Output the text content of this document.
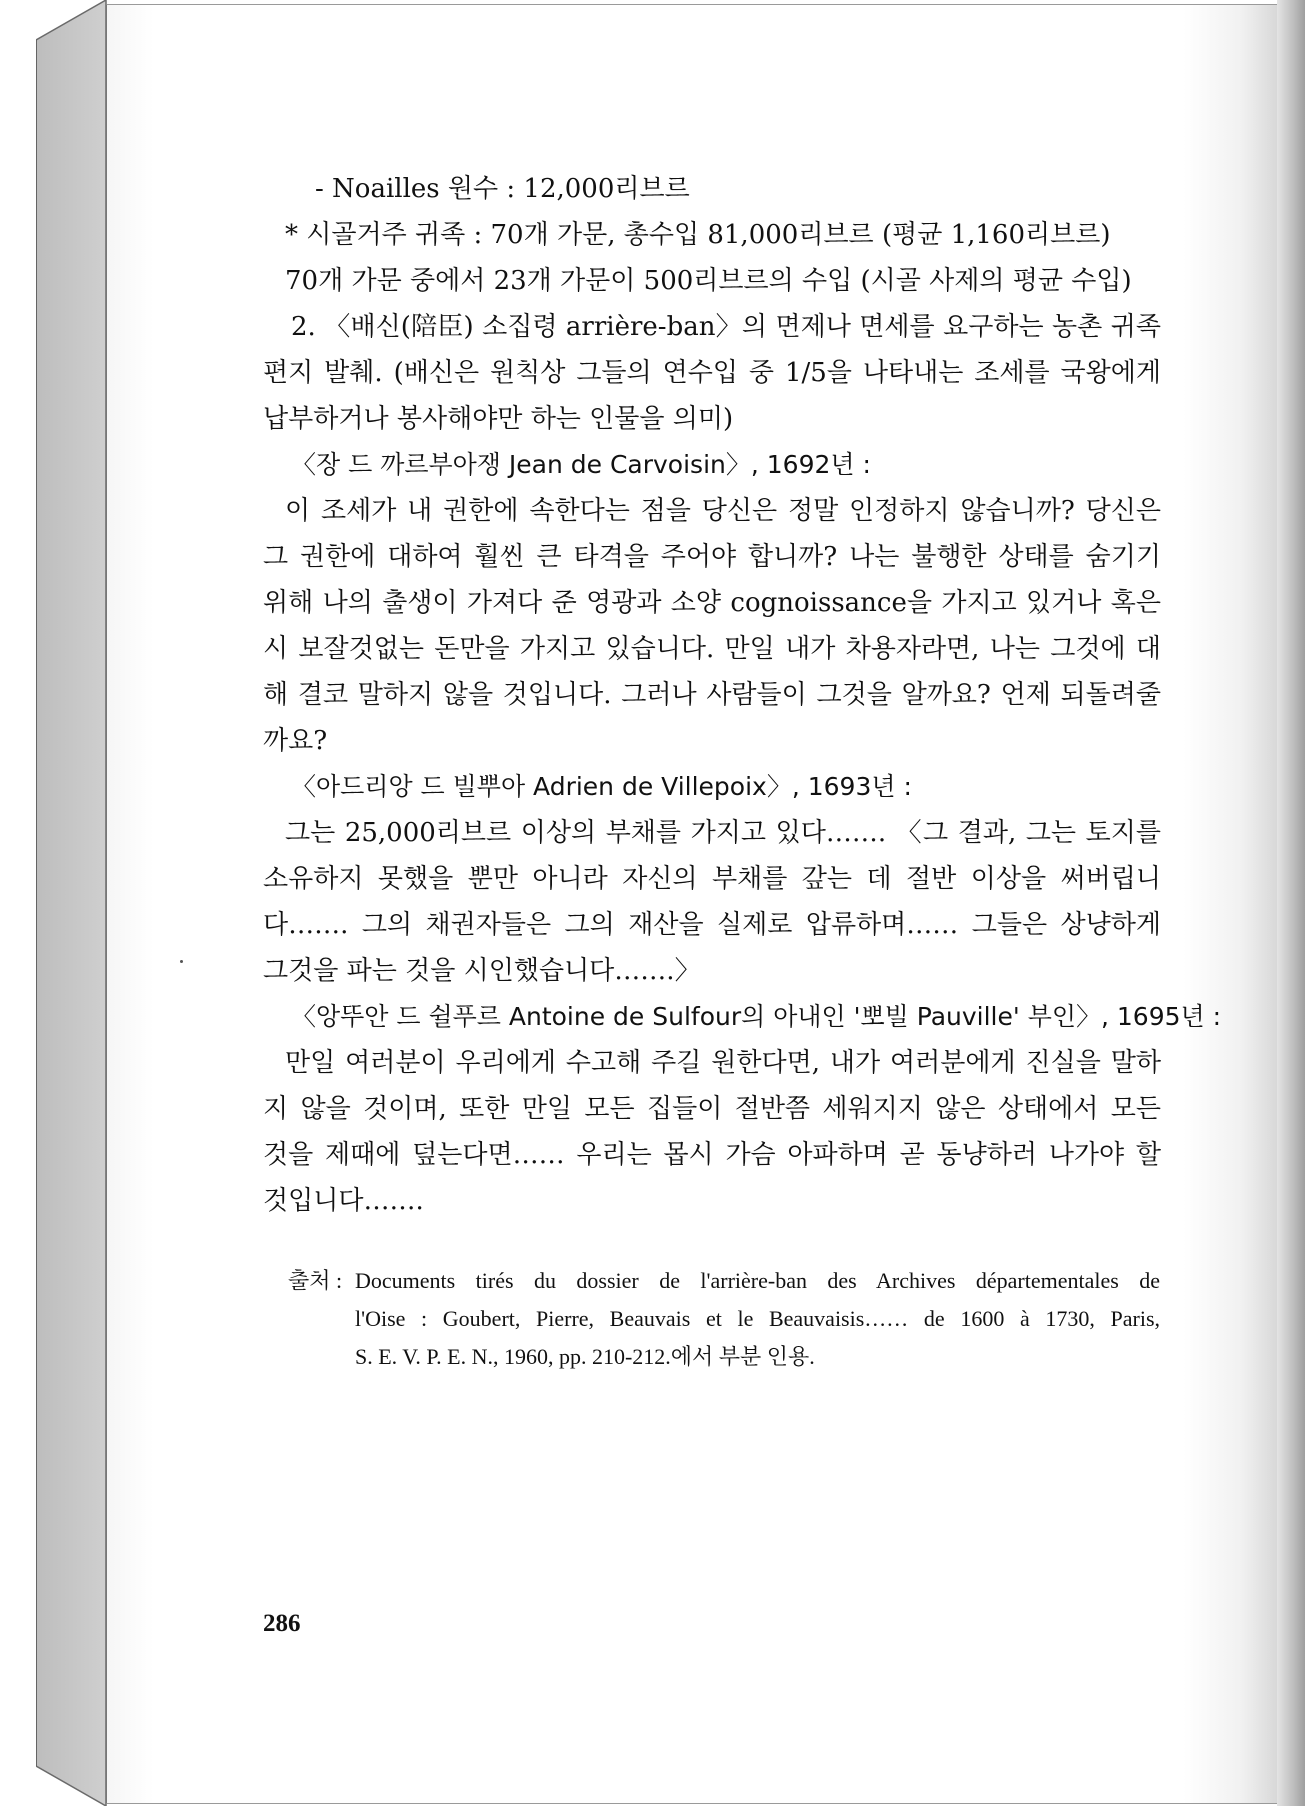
- Noailles 원수 : 12,000리브르
* 시골거주 귀족 : 70개 가문, 총수입 81,000리브르 (평균 1,160리브르)
70개 가문 중에서 23개 가문이 500리브르의 수입 (시골 사제의 평균 수입)
2. 〈배신(陪臣) 소집령 arrière-ban〉의 면제나 면세를 요구하는 농촌 귀족
편지 발췌. (배신은 원칙상 그들의 연수입 중 1/5을 나타내는 조세를 국왕에게
납부하거나 봉사해야만 하는 인물을 의미)
〈장 드 까르부아쟁 Jean de Carvoisin〉, 1692년 :
이 조세가 내 권한에 속한다는 점을 당신은 정말 인정하지 않습니까? 당신은
그 권한에 대하여 훨씬 큰 타격을 주어야 합니까? 나는 불행한 상태를 숨기기
위해 나의 출생이 가져다 준 영광과 소양 cognoissance을 가지고 있거나 혹은
시 보잘것없는 돈만을 가지고 있습니다. 만일 내가 차용자라면, 나는 그것에 대
해 결코 말하지 않을 것입니다. 그러나 사람들이 그것을 알까요? 언제 되돌려줄
까요?
〈아드리앙 드 빌뿌아 Adrien de Villepoix〉, 1693년 :
그는 25,000리브르 이상의 부채를 가지고 있다……. 〈그 결과, 그는 토지를
소유하지 못했을 뿐만 아니라 자신의 부채를 갚는 데 절반 이상을 써버립니
다……. 그의 채권자들은 그의 재산을 실제로 압류하며…… 그들은 상냥하게
그것을 파는 것을 시인했습니다…….〉
〈앙뚜안 드 쉴푸르 Antoine de Sulfour의 아내인 '뽀빌 Pauville' 부인〉, 1695년 :
만일 여러분이 우리에게 수고해 주길 원한다면, 내가 여러분에게 진실을 말하
지 않을 것이며, 또한 만일 모든 집들이 절반쯤 세워지지 않은 상태에서 모든
것을 제때에 덮는다면…… 우리는 몹시 가슴 아파하며 곧 동냥하러 나가야 할
것입니다…….
출처 : Documents tirés du dossier de l'arrière-ban des Archives départementales de
l'Oise : Goubert, Pierre, Beauvais et le Beauvaisis…… de 1600 à 1730, Paris,
S. E. V. P. E. N., 1960, pp. 210-212.에서 부분 인용.
286
